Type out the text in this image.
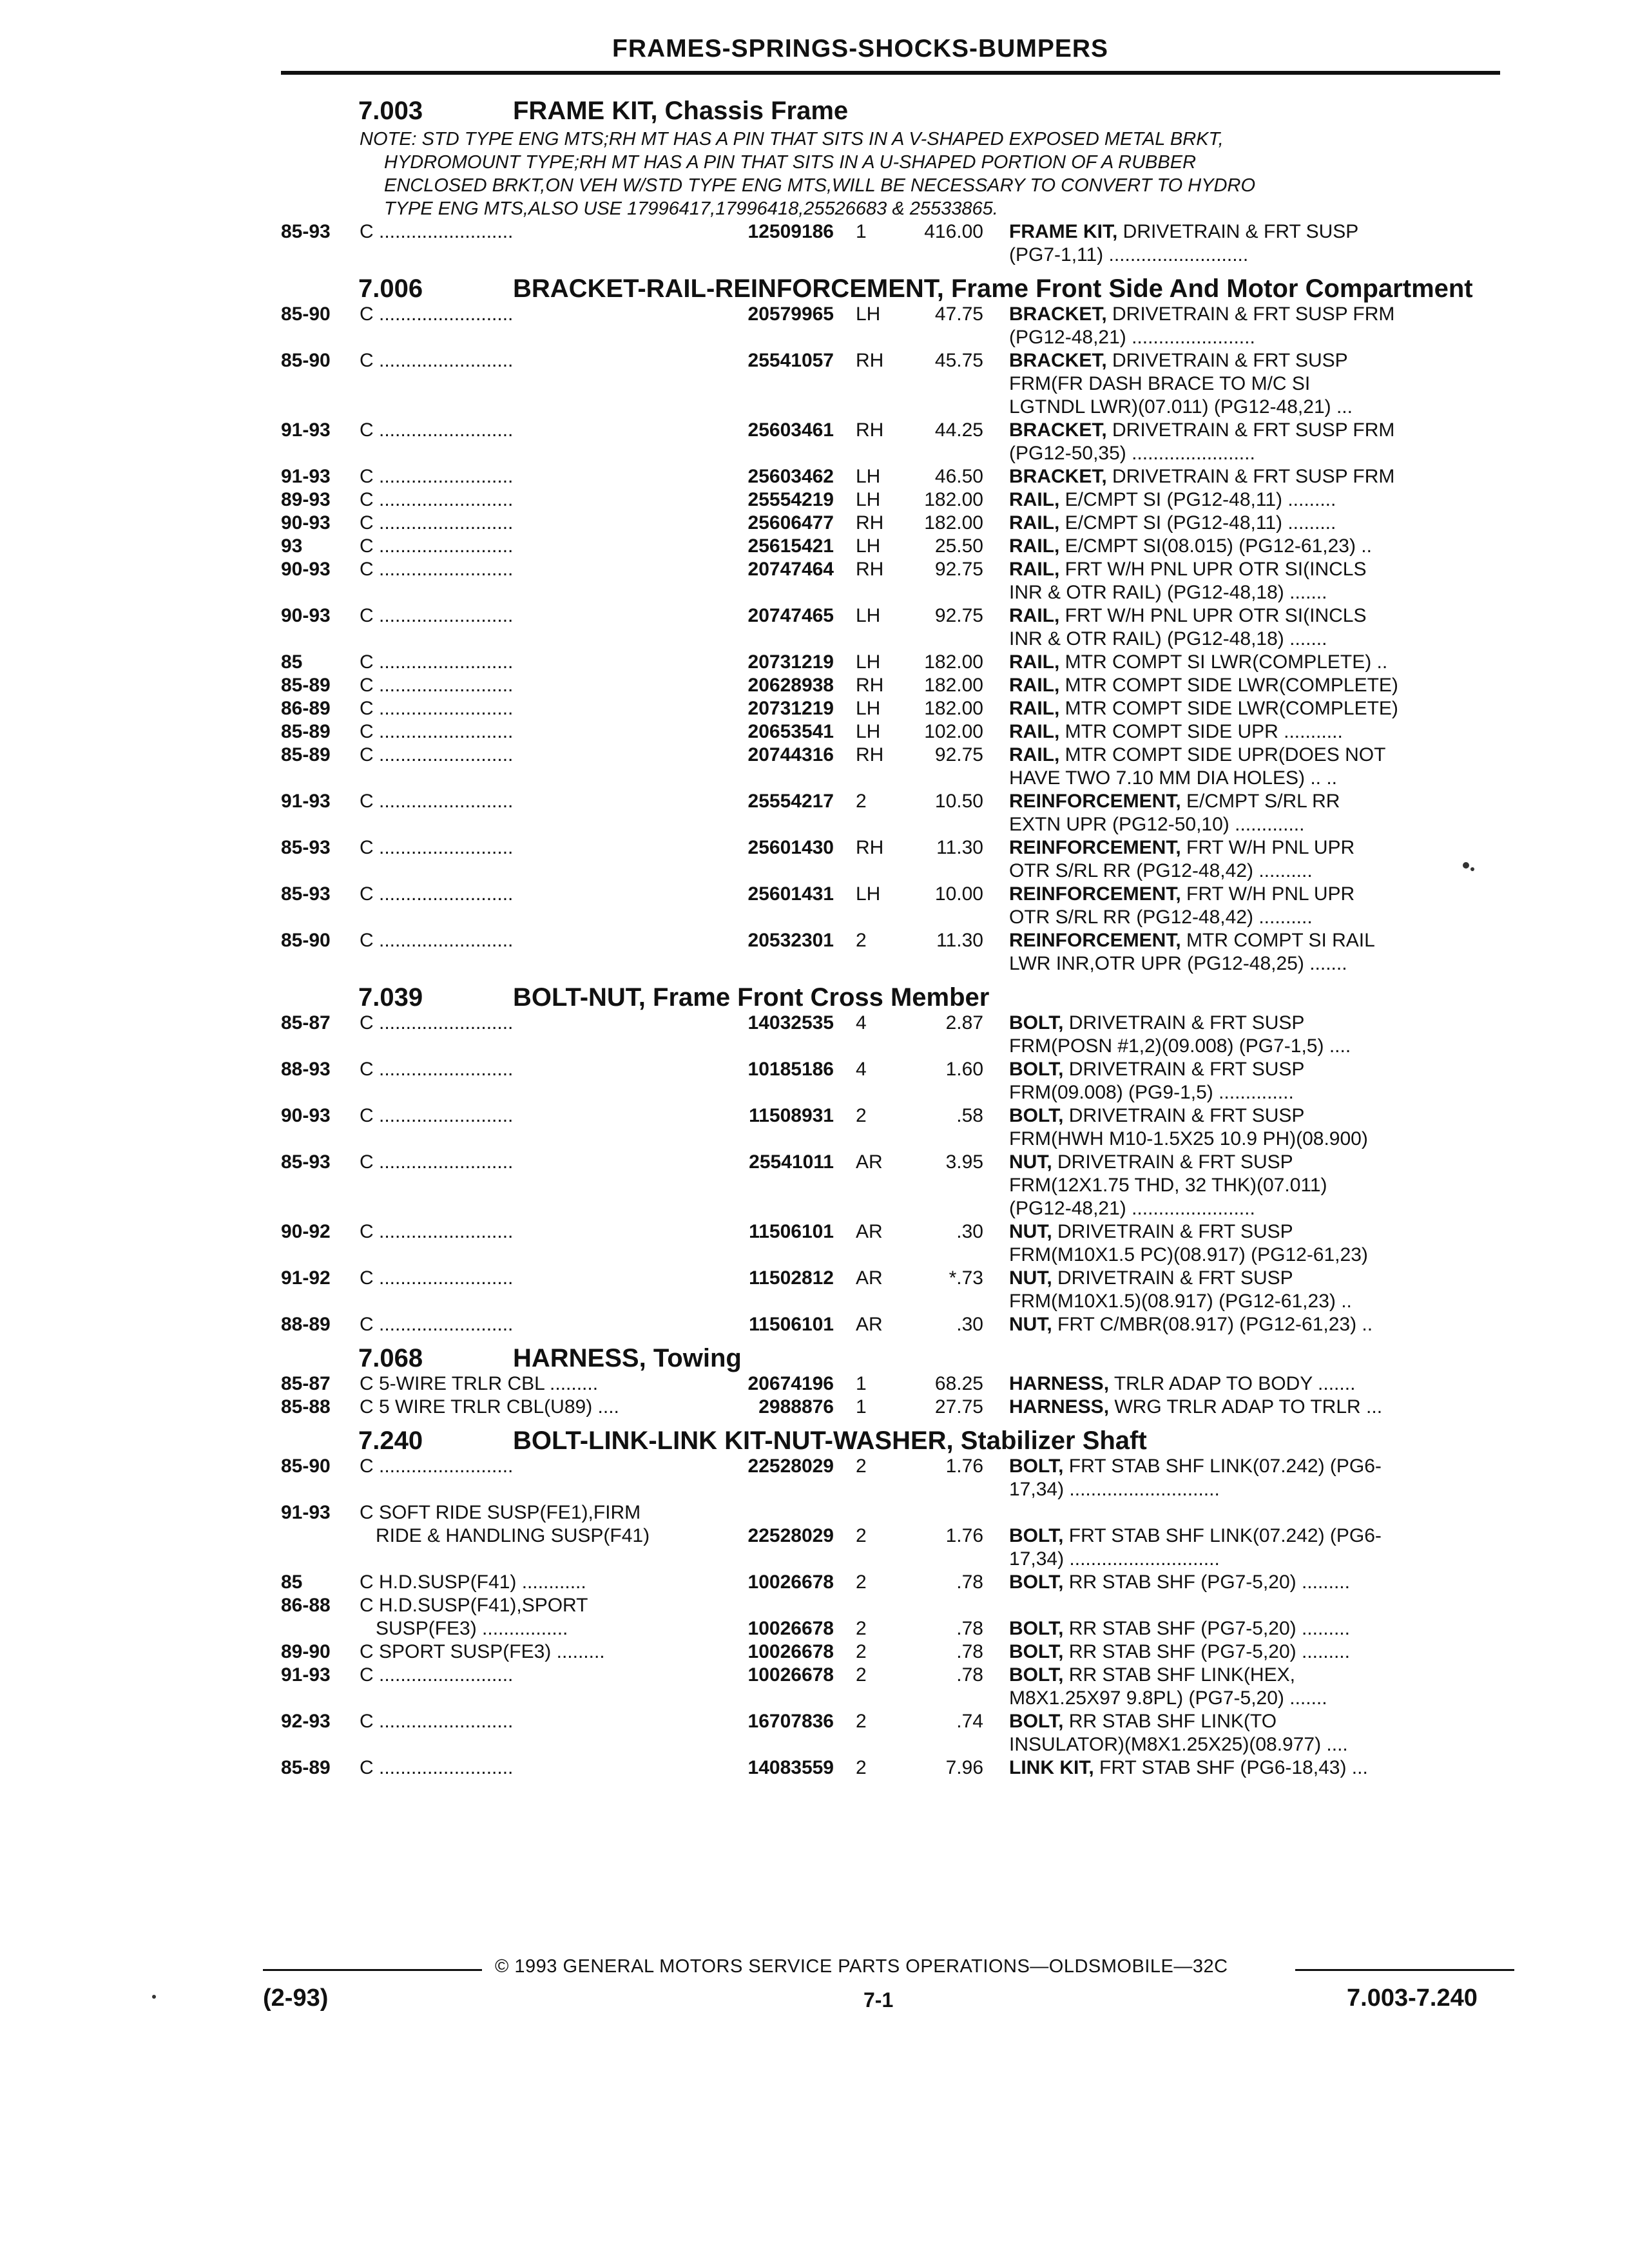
FRAMES-SPRINGS-SHOCKS-BUMPERS
7.003	FRAME KIT, Chassis Frame
NOTE: STD TYPE ENG MTS;RH MT HAS A PIN THAT SITS IN A V-SHAPED EXPOSED METAL BRKT,
HYDROMOUNT TYPE;RH MT HAS A PIN THAT SITS IN A U-SHAPED PORTION OF A RUBBER
ENCLOSED BRKT,ON VEH W/STD TYPE ENG MTS,WILL BE NECESSARY TO CONVERT TO HYDRO
TYPE ENG MTS,ALSO USE 17996417,17996418,25526683 & 25533865.
85-93	C .........................	12509186	1	416.00	FRAME KIT, DRIVETRAIN & FRT SUSP
(PG7-1,11) ..........................
7.006	BRACKET-RAIL-REINFORCEMENT, Frame Front Side And Motor Compartment
85-90	C .........................	20579965	LH	47.75	BRACKET, DRIVETRAIN & FRT SUSP FRM
(PG12-48,21) .......................
85-90	C .........................	25541057	RH	45.75	BRACKET, DRIVETRAIN & FRT SUSP
FRM(FR DASH BRACE TO M/C SI
LGTNDL LWR)(07.011) (PG12-48,21) ...
91-93	C .........................	25603461	RH	44.25	BRACKET, DRIVETRAIN & FRT SUSP FRM
(PG12-50,35) .......................
91-93	C .........................	25603462	LH	46.50	BRACKET, DRIVETRAIN & FRT SUSP FRM
89-93	C .........................	25554219	LH	182.00	RAIL, E/CMPT SI (PG12-48,11) .........
90-93	C .........................	25606477	RH	182.00	RAIL, E/CMPT SI (PG12-48,11) .........
93	C .........................	25615421	LH	25.50	RAIL, E/CMPT SI(08.015) (PG12-61,23) ..
90-93	C .........................	20747464	RH	92.75	RAIL, FRT W/H PNL UPR OTR SI(INCLS
INR & OTR RAIL) (PG12-48,18) .......
90-93	C .........................	20747465	LH	92.75	RAIL, FRT W/H PNL UPR OTR SI(INCLS
INR & OTR RAIL) (PG12-48,18) .......
85	C .........................	20731219	LH	182.00	RAIL, MTR COMPT SI LWR(COMPLETE) ..
85-89	C .........................	20628938	RH	182.00	RAIL, MTR COMPT SIDE LWR(COMPLETE)
86-89	C .........................	20731219	LH	182.00	RAIL, MTR COMPT SIDE LWR(COMPLETE)
85-89	C .........................	20653541	LH	102.00	RAIL, MTR COMPT SIDE UPR ...........
85-89	C .........................	20744316	RH	92.75	RAIL, MTR COMPT SIDE UPR(DOES NOT
HAVE TWO 7.10 MM DIA HOLES) .. ..
91-93	C .........................	25554217	2	10.50	REINFORCEMENT, E/CMPT S/RL RR
EXTN UPR (PG12-50,10) .............
85-93	C .........................	25601430	RH	11.30	REINFORCEMENT, FRT W/H PNL UPR
OTR S/RL RR (PG12-48,42) ..........
85-93	C .........................	25601431	LH	10.00	REINFORCEMENT, FRT W/H PNL UPR
OTR S/RL RR (PG12-48,42) ..........
85-90	C .........................	20532301	2	11.30	REINFORCEMENT, MTR COMPT SI RAIL
LWR INR,OTR UPR (PG12-48,25) .......
7.039	BOLT-NUT, Frame Front Cross Member
85-87	C .........................	14032535	4	2.87	BOLT, DRIVETRAIN & FRT SUSP
FRM(POSN #1,2)(09.008) (PG7-1,5) ....
88-93	C .........................	10185186	4	1.60	BOLT, DRIVETRAIN & FRT SUSP
FRM(09.008) (PG9-1,5) ..............
90-93	C .........................	11508931	2	.58	BOLT, DRIVETRAIN & FRT SUSP
FRM(HWH M10-1.5X25 10.9 PH)(08.900)
85-93	C .........................	25541011	AR	3.95	NUT, DRIVETRAIN & FRT SUSP
FRM(12X1.75 THD, 32 THK)(07.011)
(PG12-48,21) .......................
90-92	C .........................	11506101	AR	.30	NUT, DRIVETRAIN & FRT SUSP
FRM(M10X1.5 PC)(08.917) (PG12-61,23)
91-92	C .........................	11502812	AR	*.73	NUT, DRIVETRAIN & FRT SUSP
FRM(M10X1.5)(08.917) (PG12-61,23) ..
88-89	C .........................	11506101	AR	.30	NUT, FRT C/MBR(08.917) (PG12-61,23) ..
7.068	HARNESS, Towing
85-87	C 5-WIRE TRLR CBL .........	20674196	1	68.25	HARNESS, TRLR ADAP TO BODY .......
85-88	C 5 WIRE TRLR CBL(U89) ....	2988876	1	27.75	HARNESS, WRG TRLR ADAP TO TRLR ...
7.240	BOLT-LINK-LINK KIT-NUT-WASHER, Stabilizer Shaft
85-90	C .........................	22528029	2	1.76	BOLT, FRT STAB SHF LINK(07.242) (PG6-
17,34) ............................
91-93	C SOFT RIDE SUSP(FE1),FIRM
RIDE & HANDLING SUSP(F41)	22528029	2	1.76	BOLT, FRT STAB SHF LINK(07.242) (PG6-
17,34) ............................
85	C H.D.SUSP(F41) ............	10026678	2	.78	BOLT, RR STAB SHF (PG7-5,20) .........
86-88	C H.D.SUSP(F41),SPORT
SUSP(FE3) ................	10026678	2	.78	BOLT, RR STAB SHF (PG7-5,20) .........
89-90	C SPORT SUSP(FE3) .........	10026678	2	.78	BOLT, RR STAB SHF (PG7-5,20) .........
91-93	C .........................	10026678	2	.78	BOLT, RR STAB SHF LINK(HEX,
M8X1.25X97 9.8PL) (PG7-5,20) .......
92-93	C .........................	16707836	2	.74	BOLT, RR STAB SHF LINK(TO
INSULATOR)(M8X1.25X25)(08.977) ....
85-89	C .........................	14083559	2	7.96	LINK KIT, FRT STAB SHF (PG6-18,43) ...
© 1993 GENERAL MOTORS SERVICE PARTS OPERATIONS—OLDSMOBILE—32C
(2-93)	7-1	7.003-7.240
